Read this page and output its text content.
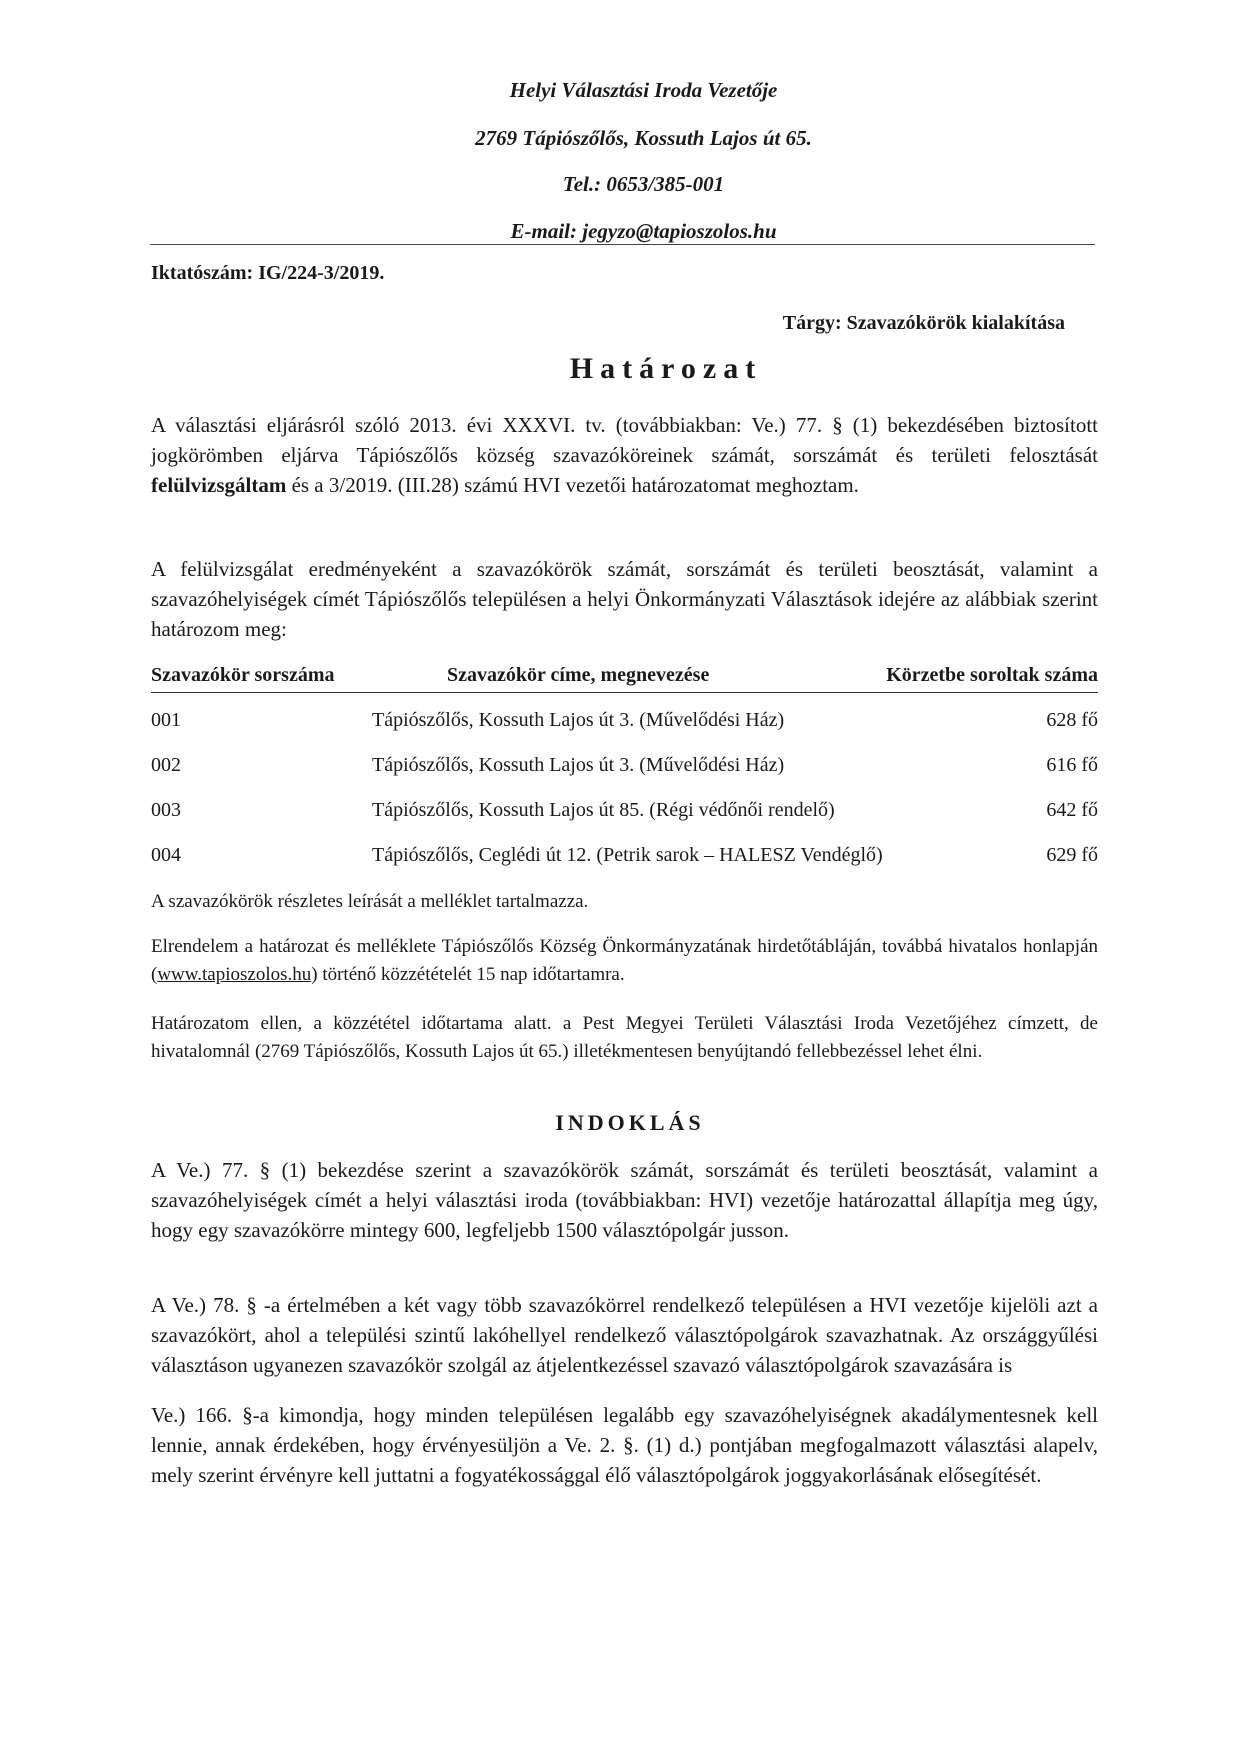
Helyi Választási Iroda Vezetője
2769 Tápiószőlős, Kossuth Lajos út 65.
Tel.: 0653/385-001
E-mail: jegyzo@tapioszolos.hu
Iktatószám: IG/224-3/2019.
Tárgy: Szavazókörök kialakítása
Határozat
A választási eljárásról szóló 2013. évi XXXVI. tv. (továbbiakban: Ve.) 77. § (1) bekezdésében biztosított jogkörömben eljárva Tápiószőlős község szavazóköreinek számát, sorszámát és területi felosztását felülvizsgáltam és a 3/2019. (III.28) számú HVI vezetői határozatomat meghoztam.
A felülvizsgálat eredményeként a szavazókörök számát, sorszámát és területi beosztását, valamint a szavazóhelyiségek címét Tápiószőlős településen a helyi Önkormányzati Választások idejére az alábbiak szerint határozom meg:
Szavazókör sorszáma	Szavazókör címe, megnevezése	Körzetbe soroltak száma
001	Tápiószőlős, Kossuth Lajos út 3. (Művelődési Ház)	628 fő
002	Tápiószőlős, Kossuth Lajos út 3. (Művelődési Ház)	616 fő
003	Tápiószőlős, Kossuth Lajos út 85. (Régi védőnői rendelő)	642 fő
004	Tápiószőlős, Ceglédi út 12. (Petrik sarok – HALESZ Vendéglő)	629 fő
A szavazókörök részletes leírását a melléklet tartalmazza.
Elrendelem a határozat és melléklete Tápiószőlős Község Önkormányzatának hirdetőtábláján, továbbá hivatalos honlapján (www.tapioszolos.hu) történő közzétételét 15 nap időtartamra.
Határozatom ellen, a közzététel időtartama alatt. a Pest Megyei Területi Választási Iroda Vezetőjéhez címzett, de hivatalomnál (2769 Tápiószőlős, Kossuth Lajos út 65.) illetékmentesen benyújtandó fellebbezéssel lehet élni.
INDOKLÁS
A Ve.) 77. § (1) bekezdése szerint a szavazókörök számát, sorszámát és területi beosztását, valamint a szavazóhelyiségek címét a helyi választási iroda (továbbiakban: HVI) vezetője határozattal állapítja meg úgy, hogy egy szavazókörre mintegy 600, legfeljebb 1500 választópolgár jusson.
A Ve.) 78. § -a értelmében a két vagy több szavazókörrel rendelkező településen a HVI vezetője kijelöli azt a szavazókört, ahol a települési szintű lakóhellyel rendelkező választópolgárok szavazhatnak. Az országgyűlési választáson ugyanezen szavazókör szolgál az átjelentkezéssel szavazó választópolgárok szavazására is
Ve.) 166. §-a kimondja, hogy minden településen legalább egy szavazóhelyiségnek akadálymentesnek kell lennie, annak érdekében, hogy érvényesüljön a Ve. 2. §. (1) d.) pontjában megfogalmazott választási alapelv, mely szerint érvényre kell juttatni a fogyatékossággal élő választópolgárok joggyakorlásának elősegítését.
